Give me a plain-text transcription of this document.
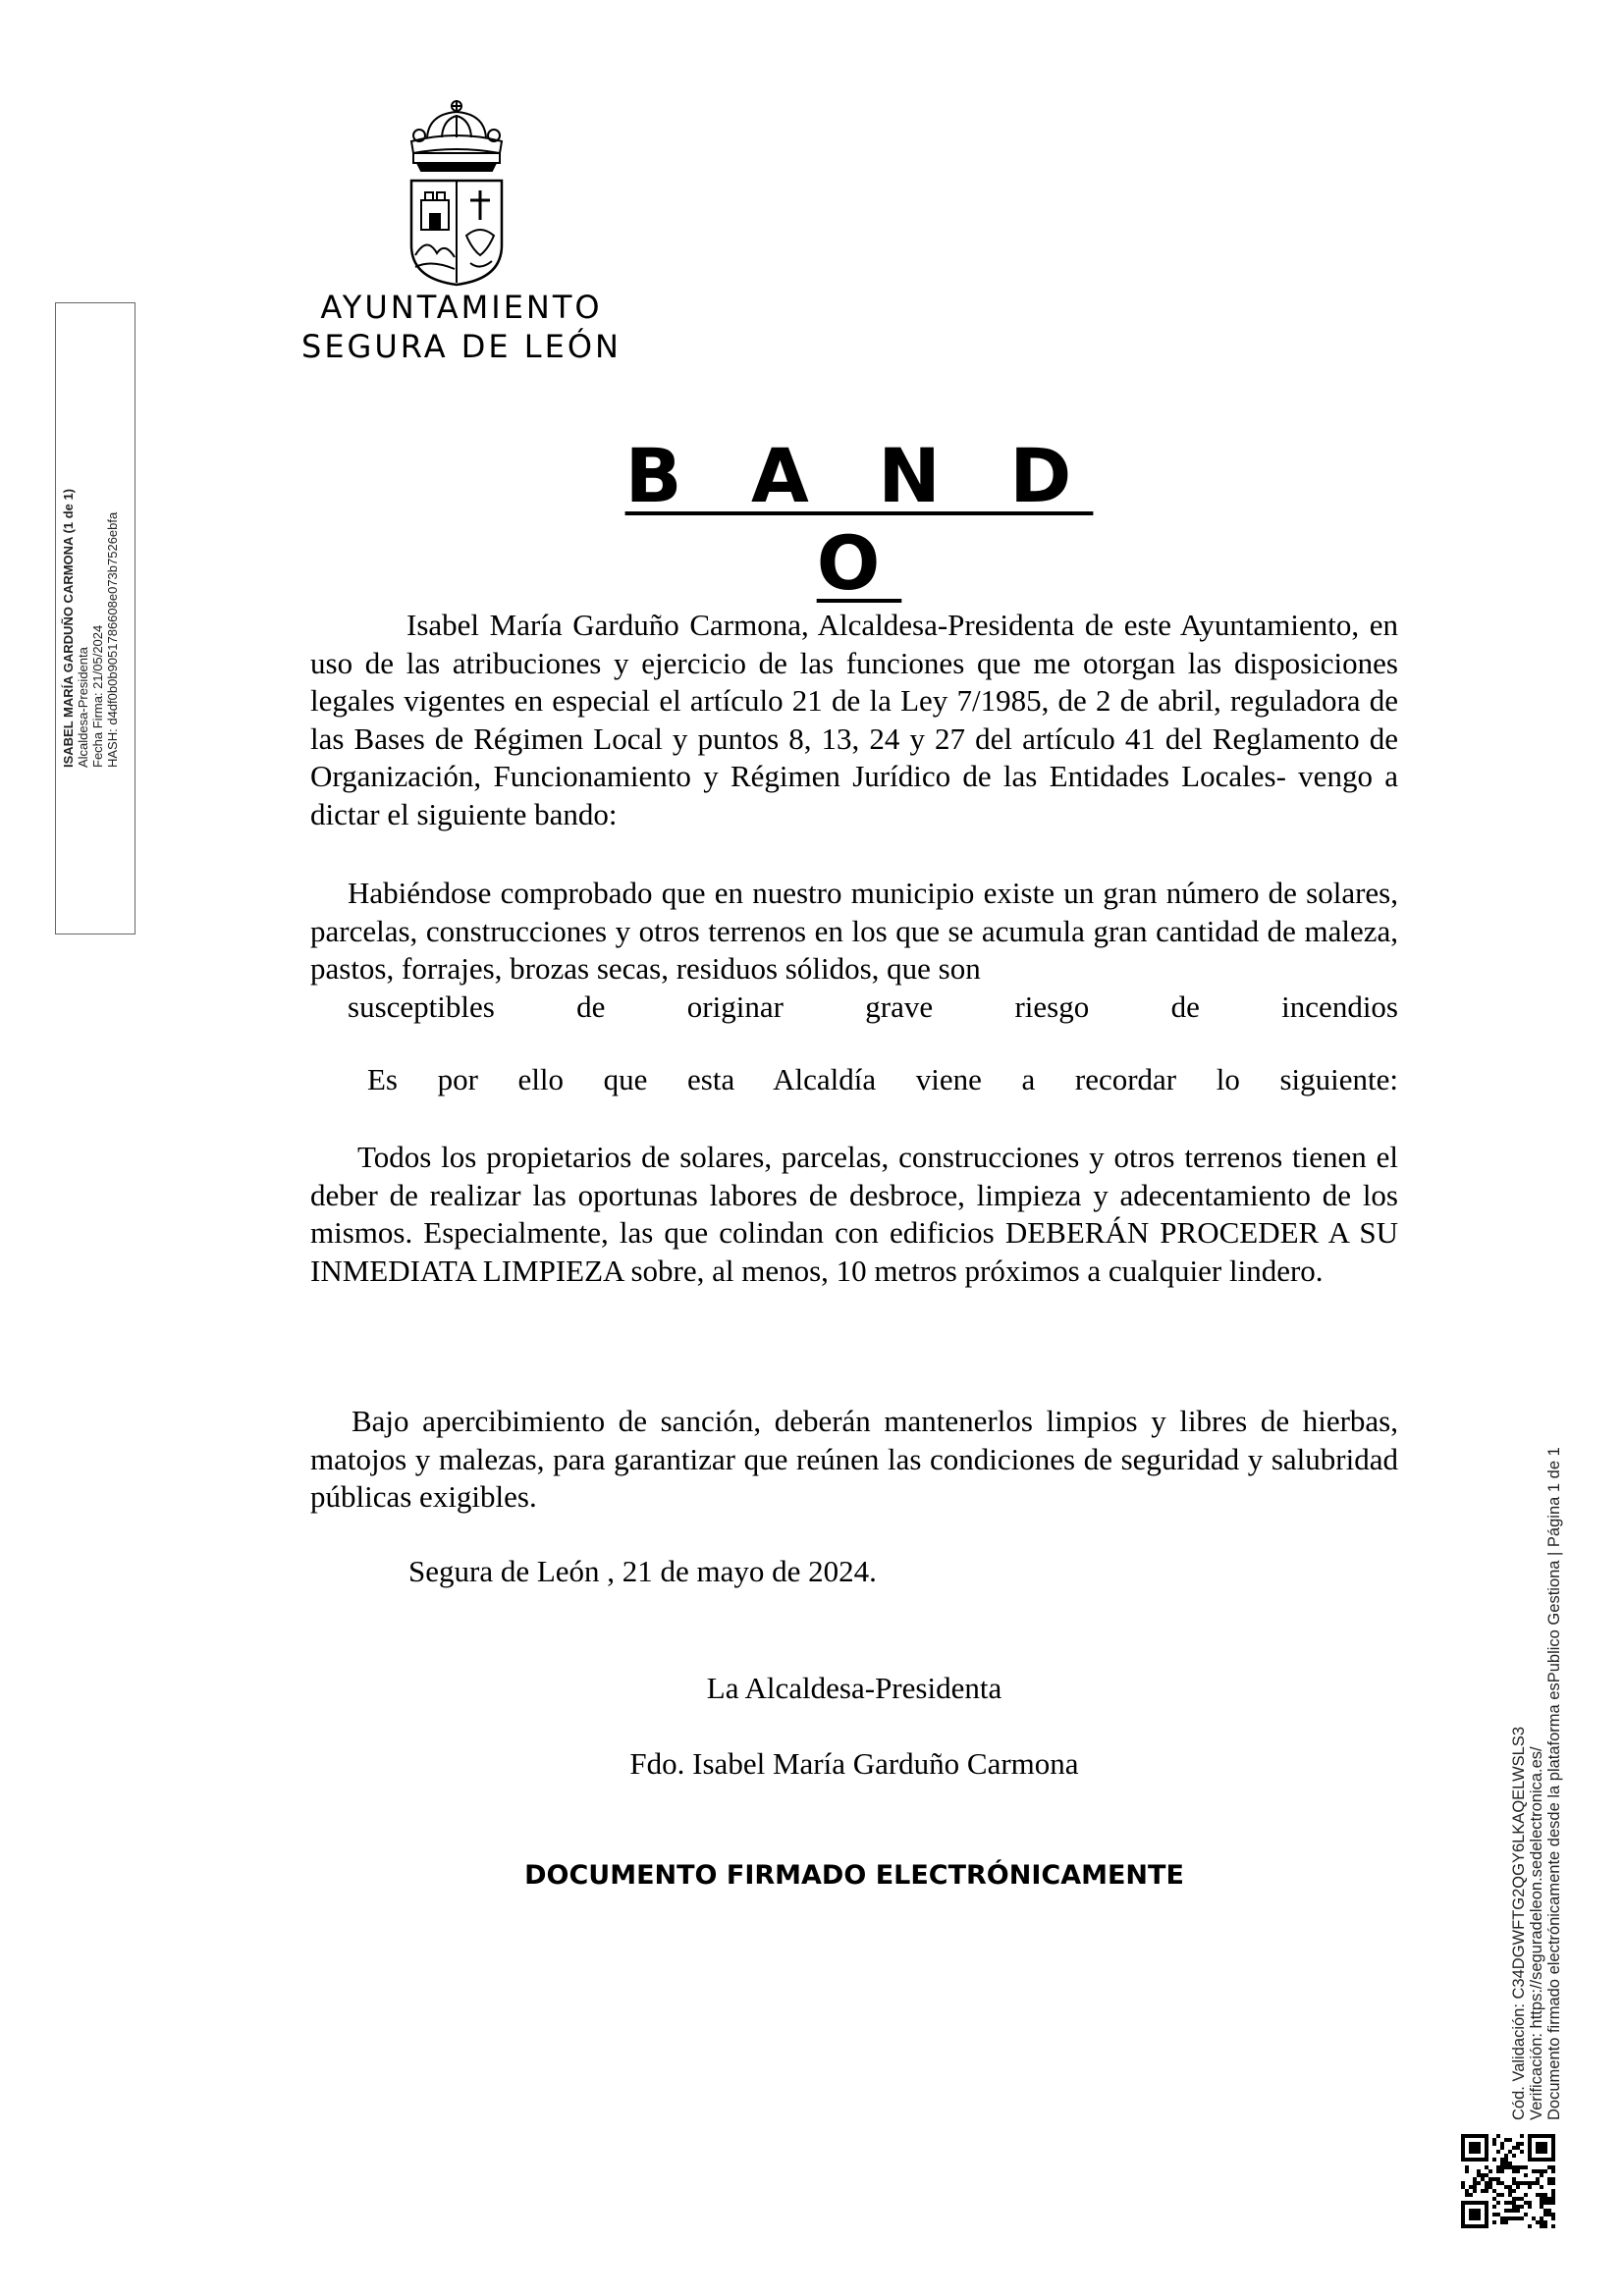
AYUNTAMIENTO
SEGURA DE LEÓN
B A N D O
Isabel María Garduño Carmona, Alcaldesa-Presidenta de este Ayuntamiento, en uso de las atribuciones y ejercicio de las funciones que me otorgan las disposiciones legales vigentes en especial el artículo 21 de la Ley 7/1985, de 2 de abril, reguladora de las Bases de Régimen Local y puntos 8, 13, 24 y 27 del artículo 41 del Reglamento de Organización, Funcionamiento y Régimen Jurídico de las Entidades Locales- vengo a dictar el siguiente bando:
Habiéndose comprobado que en nuestro municipio existe un gran número de solares, parcelas, construcciones y otros terrenos en los que se acumula gran cantidad de maleza, pastos, forrajes, brozas secas, residuos sólidos, que son
susceptibles de originar grave riesgo de incendios
Es por ello que esta Alcaldía viene a recordar lo siguiente:
Todos los propietarios de solares, parcelas, construcciones y otros terrenos tienen el deber de realizar las oportunas labores de desbroce, limpieza y adecentamiento de los mismos. Especialmente, las que colindan con edificios DEBERÁN PROCEDER A SU INMEDIATA LIMPIEZA sobre, al menos, 10 metros próximos a cualquier lindero.
Bajo apercibimiento de sanción, deberán mantenerlos limpios y libres de hierbas, matojos y malezas, para garantizar que reúnen las condiciones de seguridad y salubridad públicas exigibles.
Segura de León , 21 de mayo de 2024.
La Alcaldesa-Presidenta
Fdo. Isabel María Garduño Carmona
DOCUMENTO FIRMADO ELECTRÓNICAMENTE
ISABEL MARÍA GARDUÑO CARMONA (1 de 1) Alcaldesa-Presidenta Fecha Firma: 21/05/2024 HASH: d4df0b0b9051786608e073b7526ebfa
Cód. Validación: C34DGWFTG2QGY6LKAQELWSLS3 Verificación: https://seguradeleon.sedelectronica.es/ Documento firmado electrónicamente desde la plataforma esPublico Gestiona | Página 1 de 1
